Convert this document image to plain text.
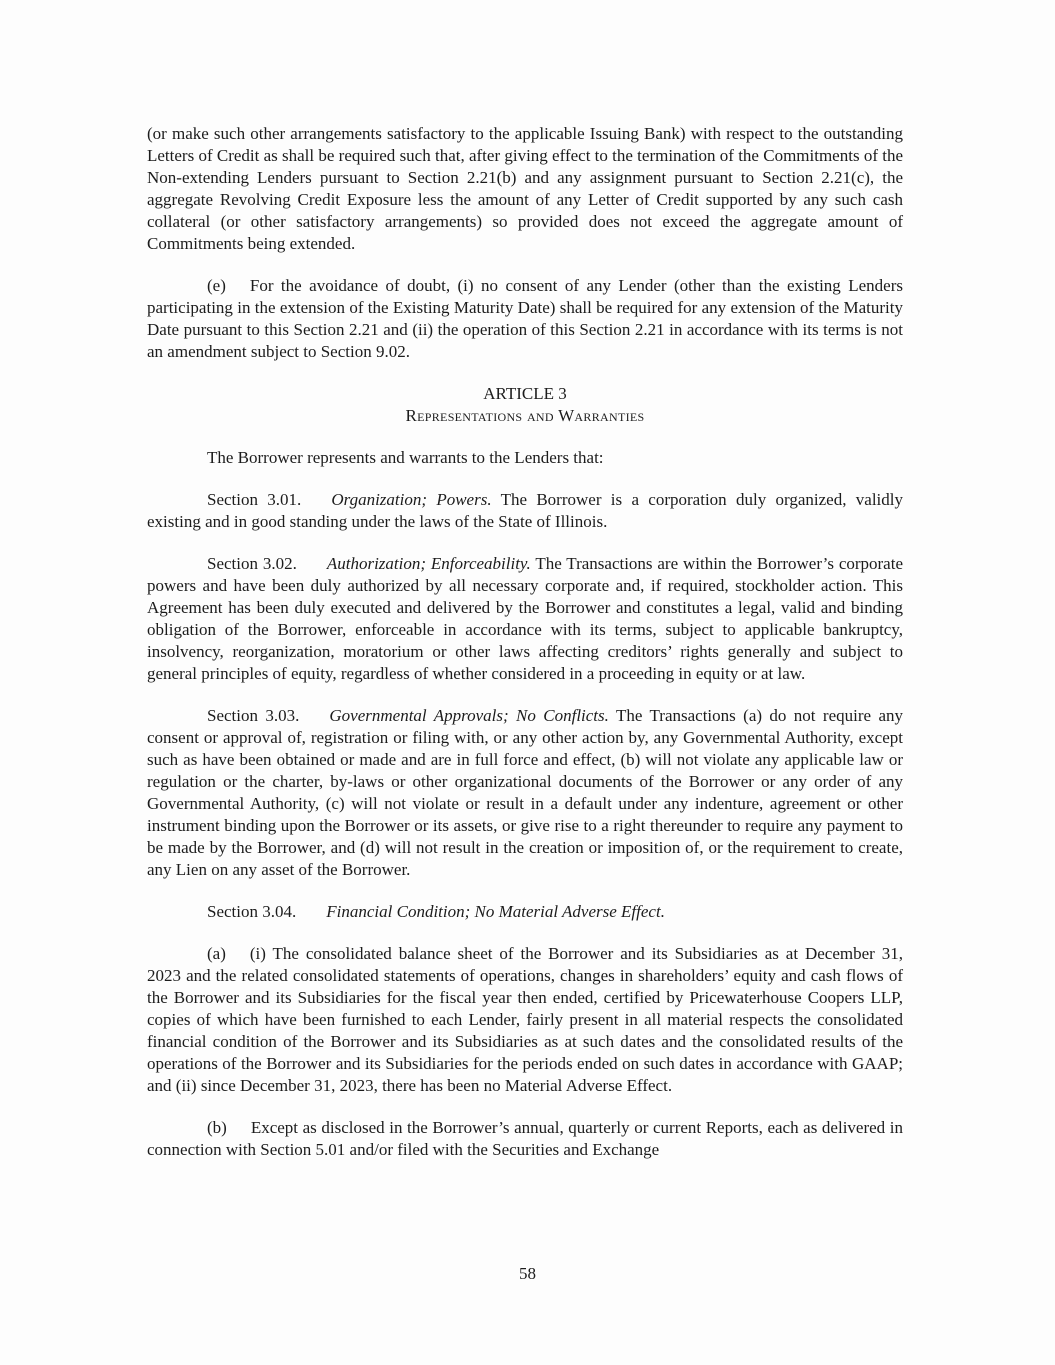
(or make such other arrangements satisfactory to the applicable Issuing Bank) with respect to the outstanding Letters of Credit as shall be required such that, after giving effect to the termination of the Commitments of the Non-extending Lenders pursuant to Section 2.21(b) and any assignment pursuant to Section 2.21(c), the aggregate Revolving Credit Exposure less the amount of any Letter of Credit supported by any such cash collateral (or other satisfactory arrangements) so provided does not exceed the aggregate amount of Commitments being extended.

(e) For the avoidance of doubt, (i) no consent of any Lender (other than the existing Lenders participating in the extension of the Existing Maturity Date) shall be required for any extension of the Maturity Date pursuant to this Section 2.21 and (ii) the operation of this Section 2.21 in accordance with its terms is not an amendment subject to Section 9.02.

ARTICLE 3
Representations and Warranties

The Borrower represents and warrants to the Lenders that:

Section 3.01. Organization; Powers. The Borrower is a corporation duly organized, validly existing and in good standing under the laws of the State of Illinois.

Section 3.02. Authorization; Enforceability. The Transactions are within the Borrower’s corporate powers and have been duly authorized by all necessary corporate and, if required, stockholder action. This Agreement has been duly executed and delivered by the Borrower and constitutes a legal, valid and binding obligation of the Borrower, enforceable in accordance with its terms, subject to applicable bankruptcy, insolvency, reorganization, moratorium or other laws affecting creditors’ rights generally and subject to general principles of equity, regardless of whether considered in a proceeding in equity or at law.

Section 3.03. Governmental Approvals; No Conflicts. The Transactions (a) do not require any consent or approval of, registration or filing with, or any other action by, any Governmental Authority, except such as have been obtained or made and are in full force and effect, (b) will not violate any applicable law or regulation or the charter, by-laws or other organizational documents of the Borrower or any order of any Governmental Authority, (c) will not violate or result in a default under any indenture, agreement or other instrument binding upon the Borrower or its assets, or give rise to a right thereunder to require any payment to be made by the Borrower, and (d) will not result in the creation or imposition of, or the requirement to create, any Lien on any asset of the Borrower.

Section 3.04. Financial Condition; No Material Adverse Effect.

(a) (i) The consolidated balance sheet of the Borrower and its Subsidiaries as at December 31, 2023 and the related consolidated statements of operations, changes in shareholders’ equity and cash flows of the Borrower and its Subsidiaries for the fiscal year then ended, certified by Pricewaterhouse Coopers LLP, copies of which have been furnished to each Lender, fairly present in all material respects the consolidated financial condition of the Borrower and its Subsidiaries as at such dates and the consolidated results of the operations of the Borrower and its Subsidiaries for the periods ended on such dates in accordance with GAAP; and (ii) since December 31, 2023, there has been no Material Adverse Effect.

(b) Except as disclosed in the Borrower’s annual, quarterly or current Reports, each as delivered in connection with Section 5.01 and/or filed with the Securities and Exchange

58
